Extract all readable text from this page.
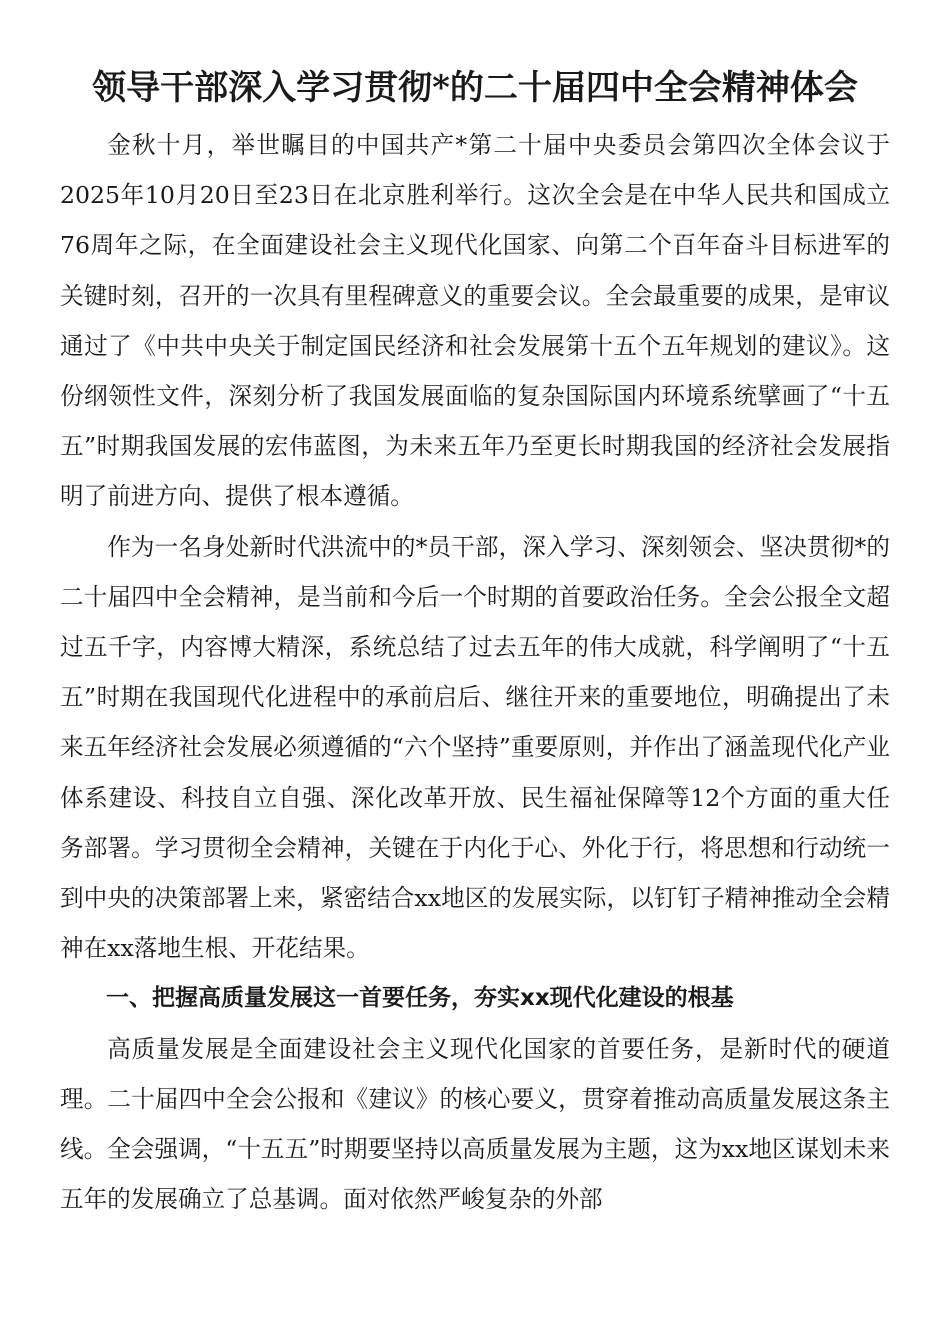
领导干部深入学习贯彻*的二十届四中全会精神体会

金秋十月，举世瞩目的中国共产*第二十届中央委员会第四次全体会议于2025年10月20日至23日在北京胜利举行。这次全会是在中华人民共和国成立76周年之际，在全面建设社会主义现代化国家、向第二个百年奋斗目标进军的关键时刻，召开的一次具有里程碑意义的重要会议。全会最重要的成果，是审议通过了《中共中央关于制定国民经济和社会发展第十五个五年规划的建议》。这份纲领性文件，深刻分析了我国发展面临的复杂国际国内环境系统擘画了“十五五”时期我国发展的宏伟蓝图，为未来五年乃至更长时期我国的经济社会发展指明了前进方向、提供了根本遵循。

作为一名身处新时代洪流中的*员干部，深入学习、深刻领会、坚决贯彻*的二十届四中全会精神，是当前和今后一个时期的首要政治任务。全会公报全文超过五千字，内容博大精深，系统总结了过去五年的伟大成就，科学阐明了“十五五”时期在我国现代化进程中的承前启后、继往开来的重要地位，明确提出了未来五年经济社会发展必须遵循的“六个坚持”重要原则，并作出了涵盖现代化产业体系建设、科技自立自强、深化改革开放、民生福祉保障等12个方面的重大任务部署。学习贯彻全会精神，关键在于内化于心、外化于行，将思想和行动统一到中央的决策部署上来，紧密结合xx地区的发展实际，以钉钉子精神推动全会精神在xx落地生根、开花结果。

一、把握高质量发展这一首要任务，夯实xx现代化建设的根基

高质量发展是全面建设社会主义现代化国家的首要任务，是新时代的硬道理。二十届四中全会公报和《建议》的核心要义，贯穿着推动高质量发展这条主线。全会强调，“十五五”时期要坚持以高质量发展为主题，这为xx地区谋划未来五年的发展确立了总基调。面对依然严峻复杂的外部
